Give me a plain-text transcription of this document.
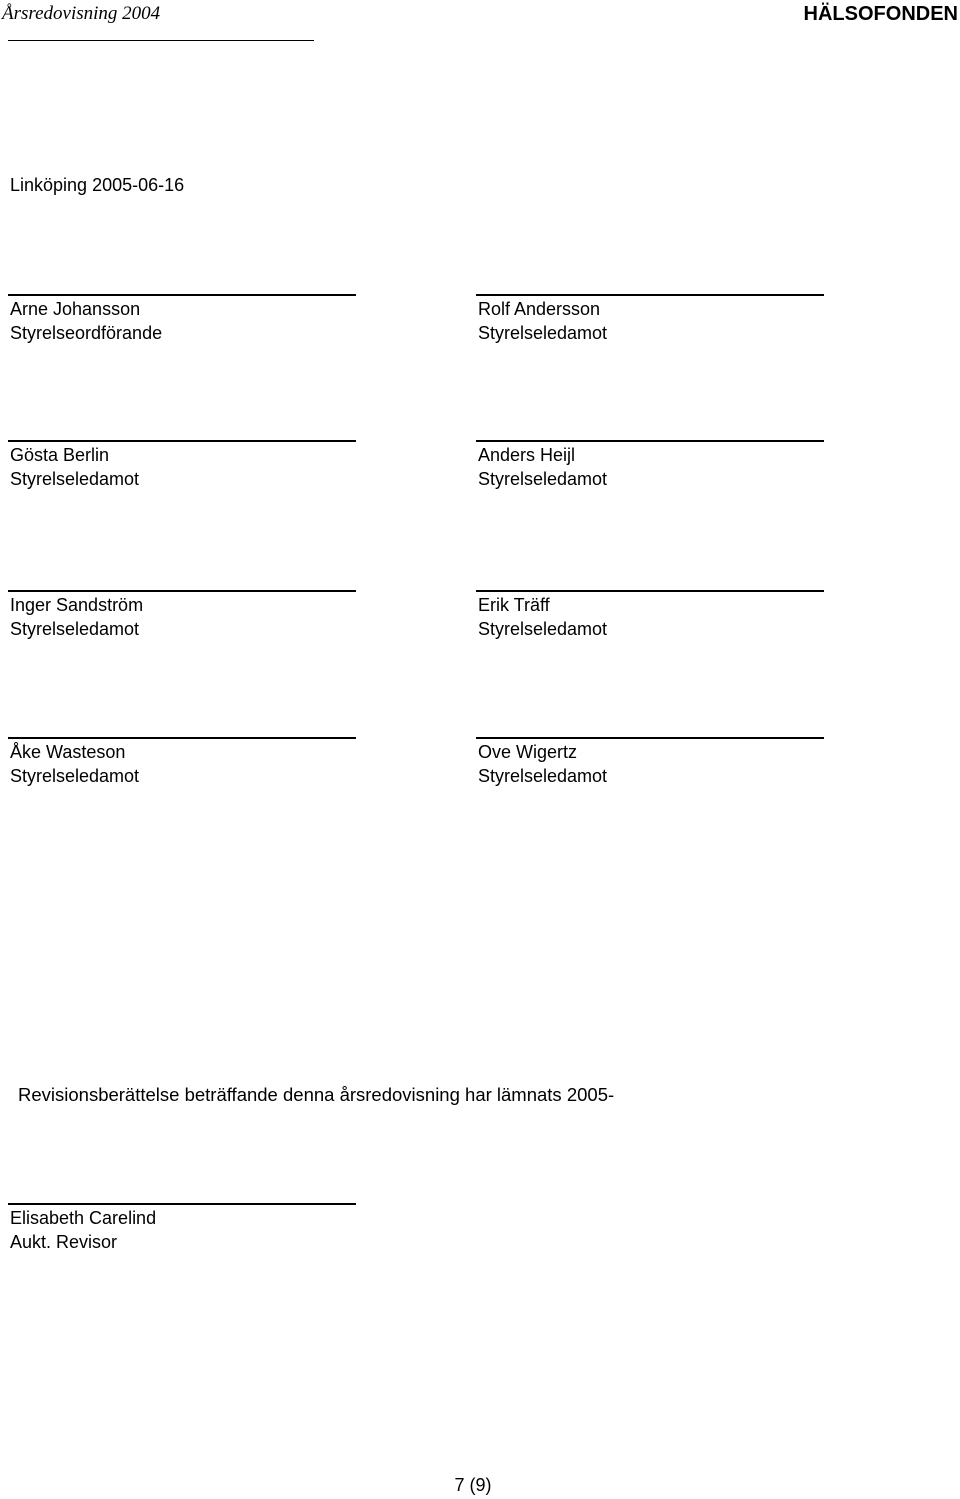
Årsredovisning 2004	HÄLSOFONDEN
Linköping 2005-06-16
Arne Johansson
Styrelseordförande
Rolf Andersson
Styrelseledamot
Gösta Berlin
Styrelseledamot
Anders Heijl
Styrelseledamot
Inger Sandström
Styrelseledamot
Erik Träff
Styrelseledamot
Åke Wasteson
Styrelseledamot
Ove Wigertz
Styrelseledamot
Revisionsberättelse beträffande denna årsredovisning har lämnats 2005-
Elisabeth Carelind
Aukt. Revisor
7 (9)
